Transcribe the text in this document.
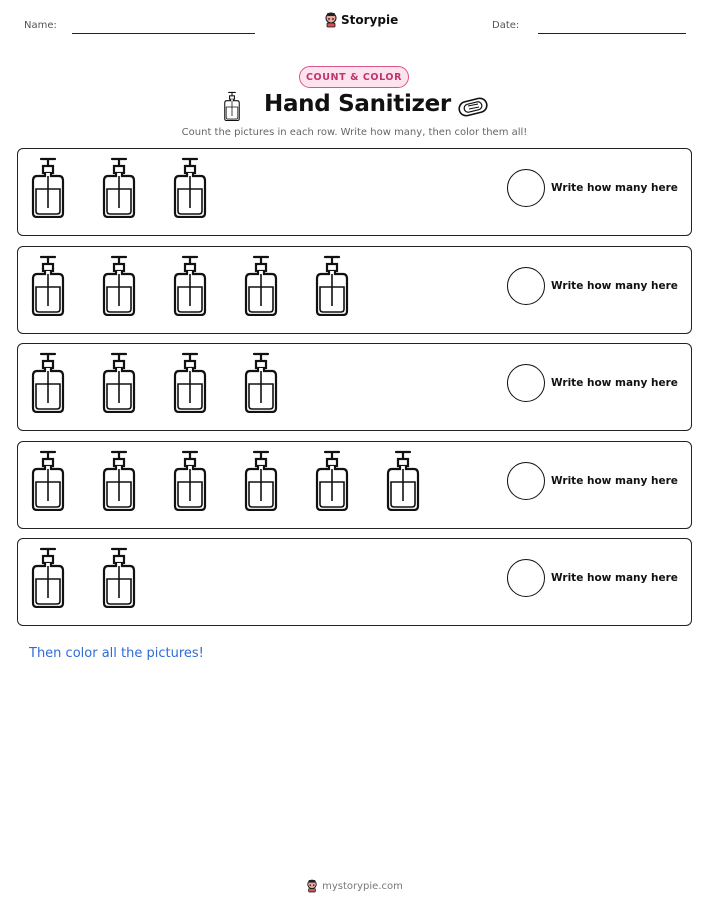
Name:	Storypie	Date:
COUNT & COLOR
Hand Sanitizer
Count the pictures in each row. Write how many, then color them all!
Write how many here
Write how many here
Write how many here
Write how many here
Write how many here
Then color all the pictures!
mystorypie.com
